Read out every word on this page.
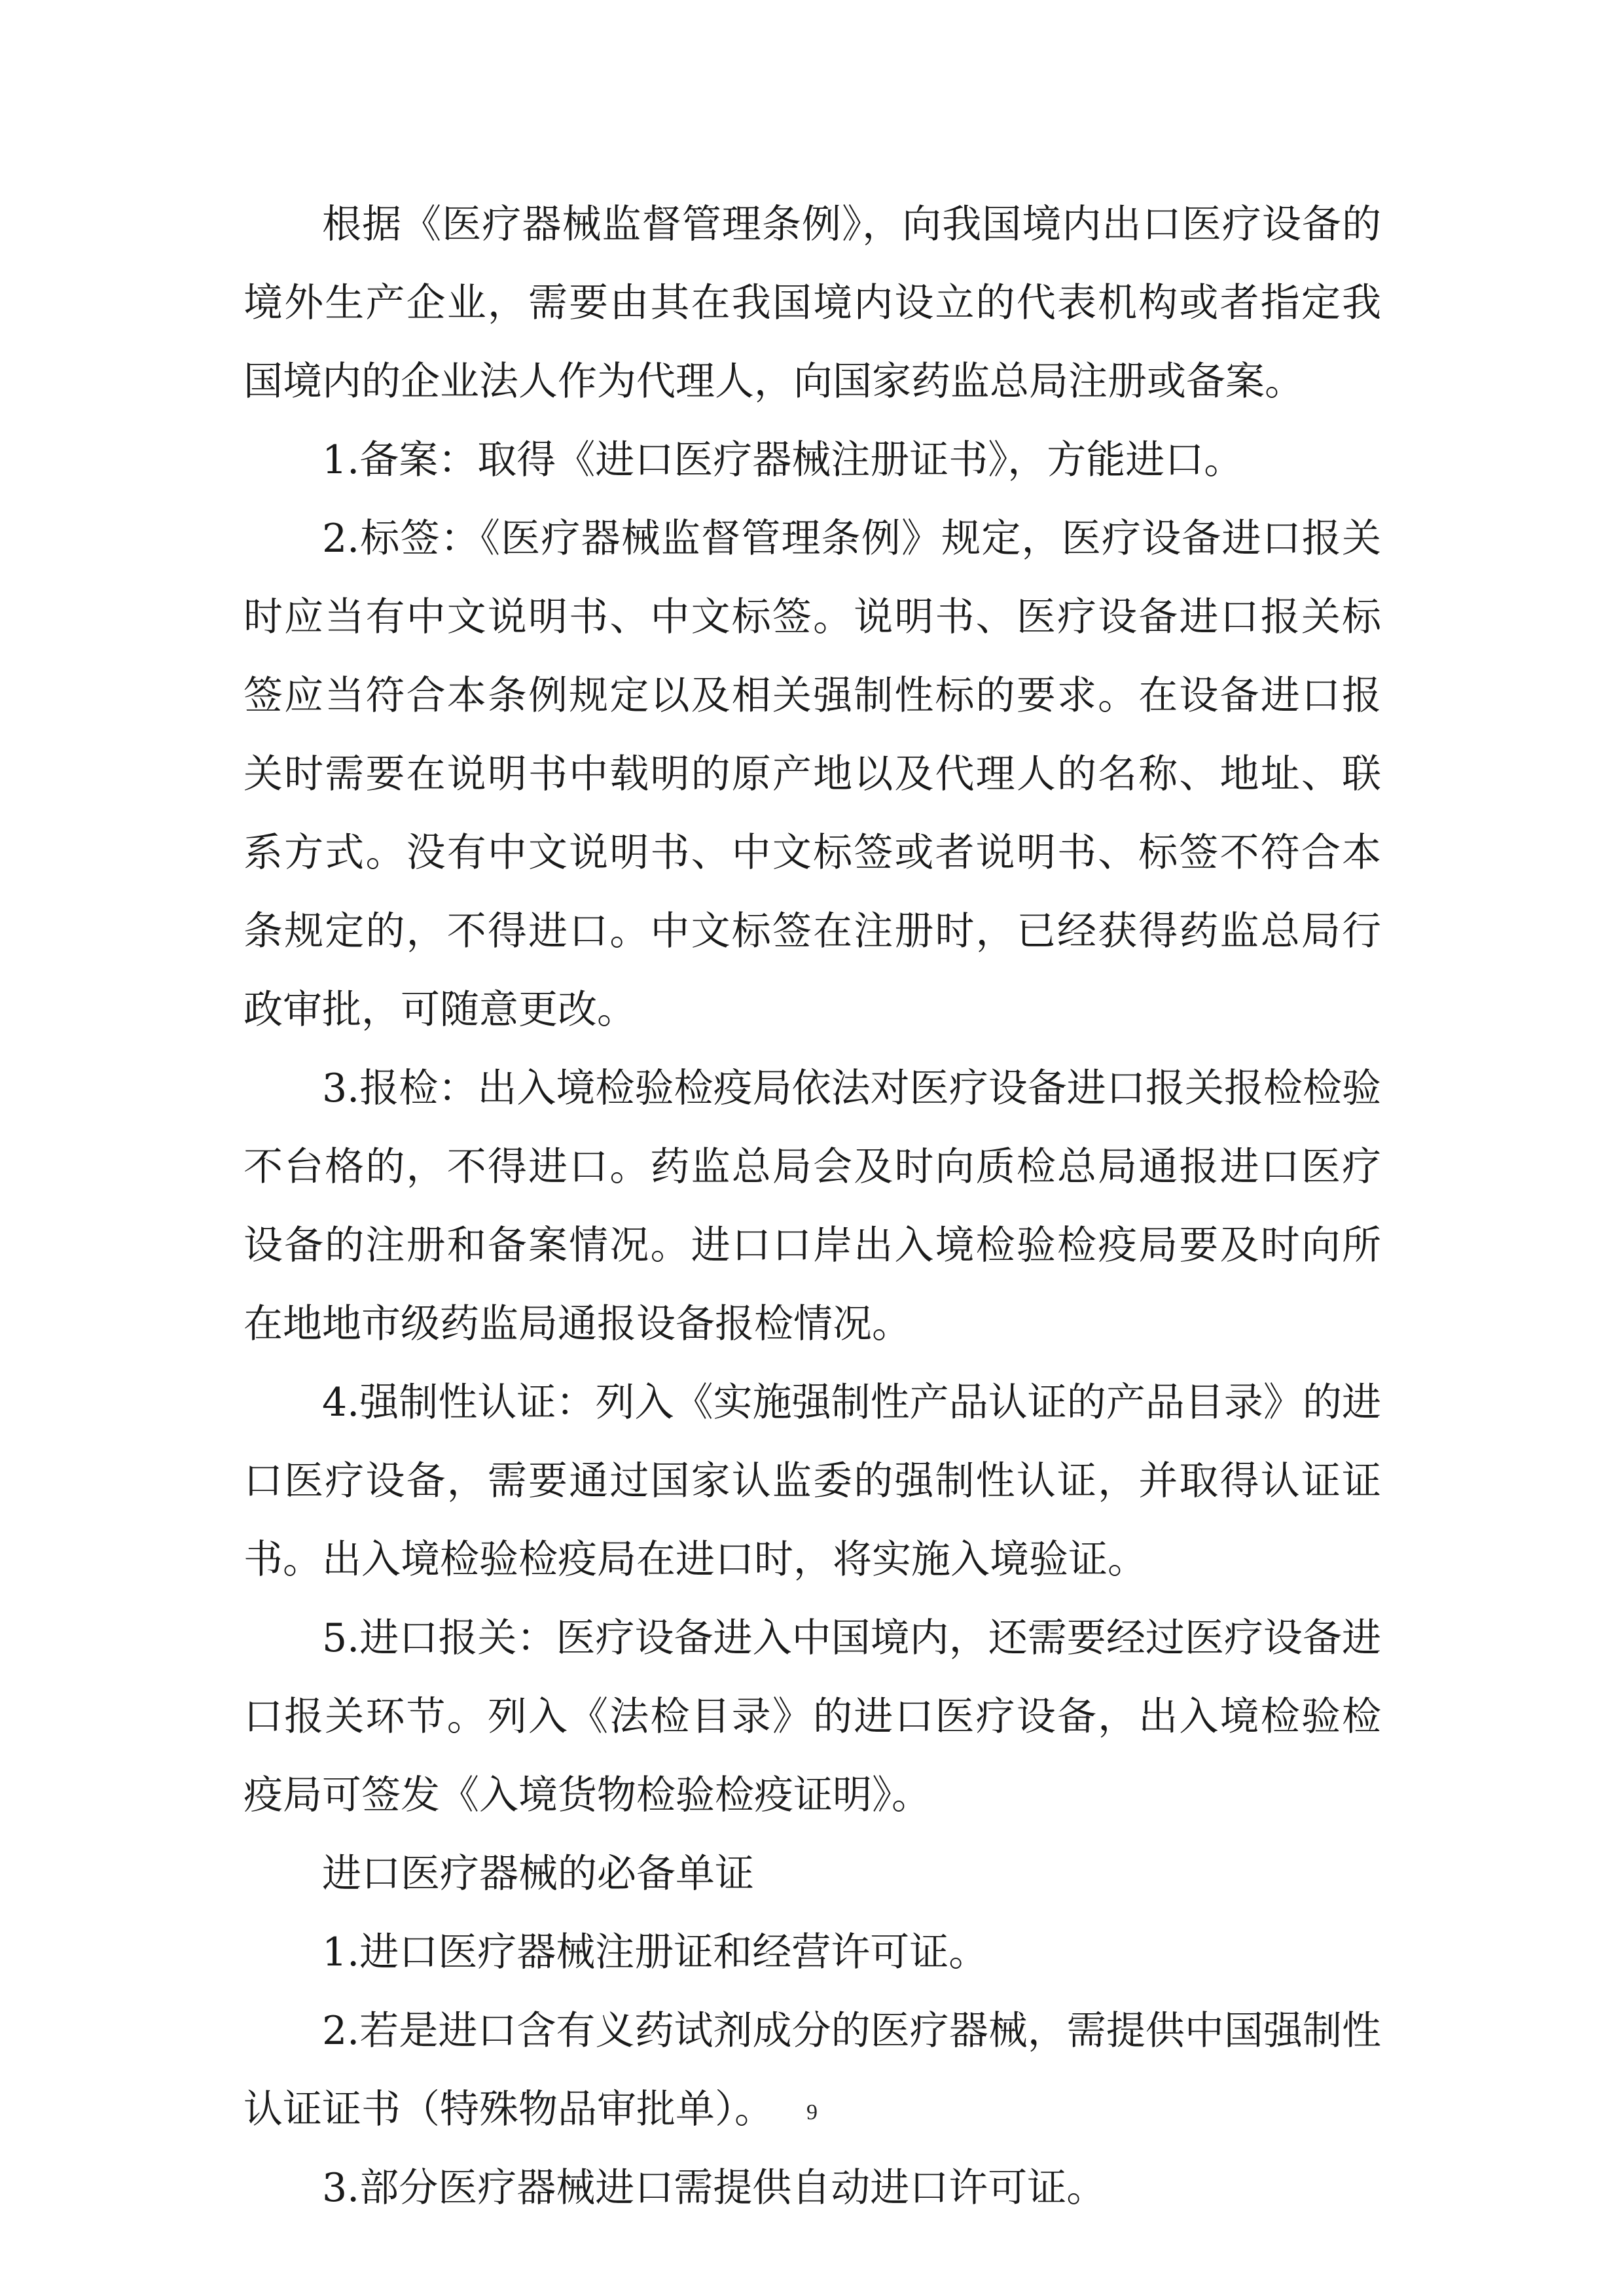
根据《医疗器械监督管理条例》，向我国境内出口医疗设备的境外生产企业，需要由其在我国境内设立的代表机构或者指定我国境内的企业法人作为代理人，向国家药监总局注册或备案。

1.备案：取得《进口医疗器械注册证书》，方能进口。

2.标签：《医疗器械监督管理条例》规定，医疗设备进口报关时应当有中文说明书、中文标签。说明书、医疗设备进口报关标签应当符合本条例规定以及相关强制性标的要求。在设备进口报关时需要在说明书中载明的原产地以及代理人的名称、地址、联系方式。没有中文说明书、中文标签或者说明书、标签不符合本条规定的，不得进口。中文标签在注册时，已经获得药监总局行政审批，可随意更改。

3.报检：出入境检验检疫局依法对医疗设备进口报关报检检验不台格的，不得进口。药监总局会及时向质检总局通报进口医疗设备的注册和备案情况。进口口岸出入境检验检疫局要及时向所在地地市级药监局通报设备报检情况。

4.强制性认证：列入《实施强制性产品认证的产品目录》的进口医疗设备，需要通过国家认监委的强制性认证，并取得认证证书。出入境检验检疫局在进口时，将实施入境验证。

5.进口报关：医疗设备进入中国境内，还需要经过医疗设备进口报关环节。列入《法检目录》的进口医疗设备，出入境检验检疫局可签发《入境货物检验检疫证明》。

进口医疗器械的必备单证

1.进口医疗器械注册证和经营许可证。

2.若是进口含有义药试剂成分的医疗器械，需提供中国强制性认证证书（特殊物品审批单）。

3.部分医疗器械进口需提供自动进口许可证。

9
